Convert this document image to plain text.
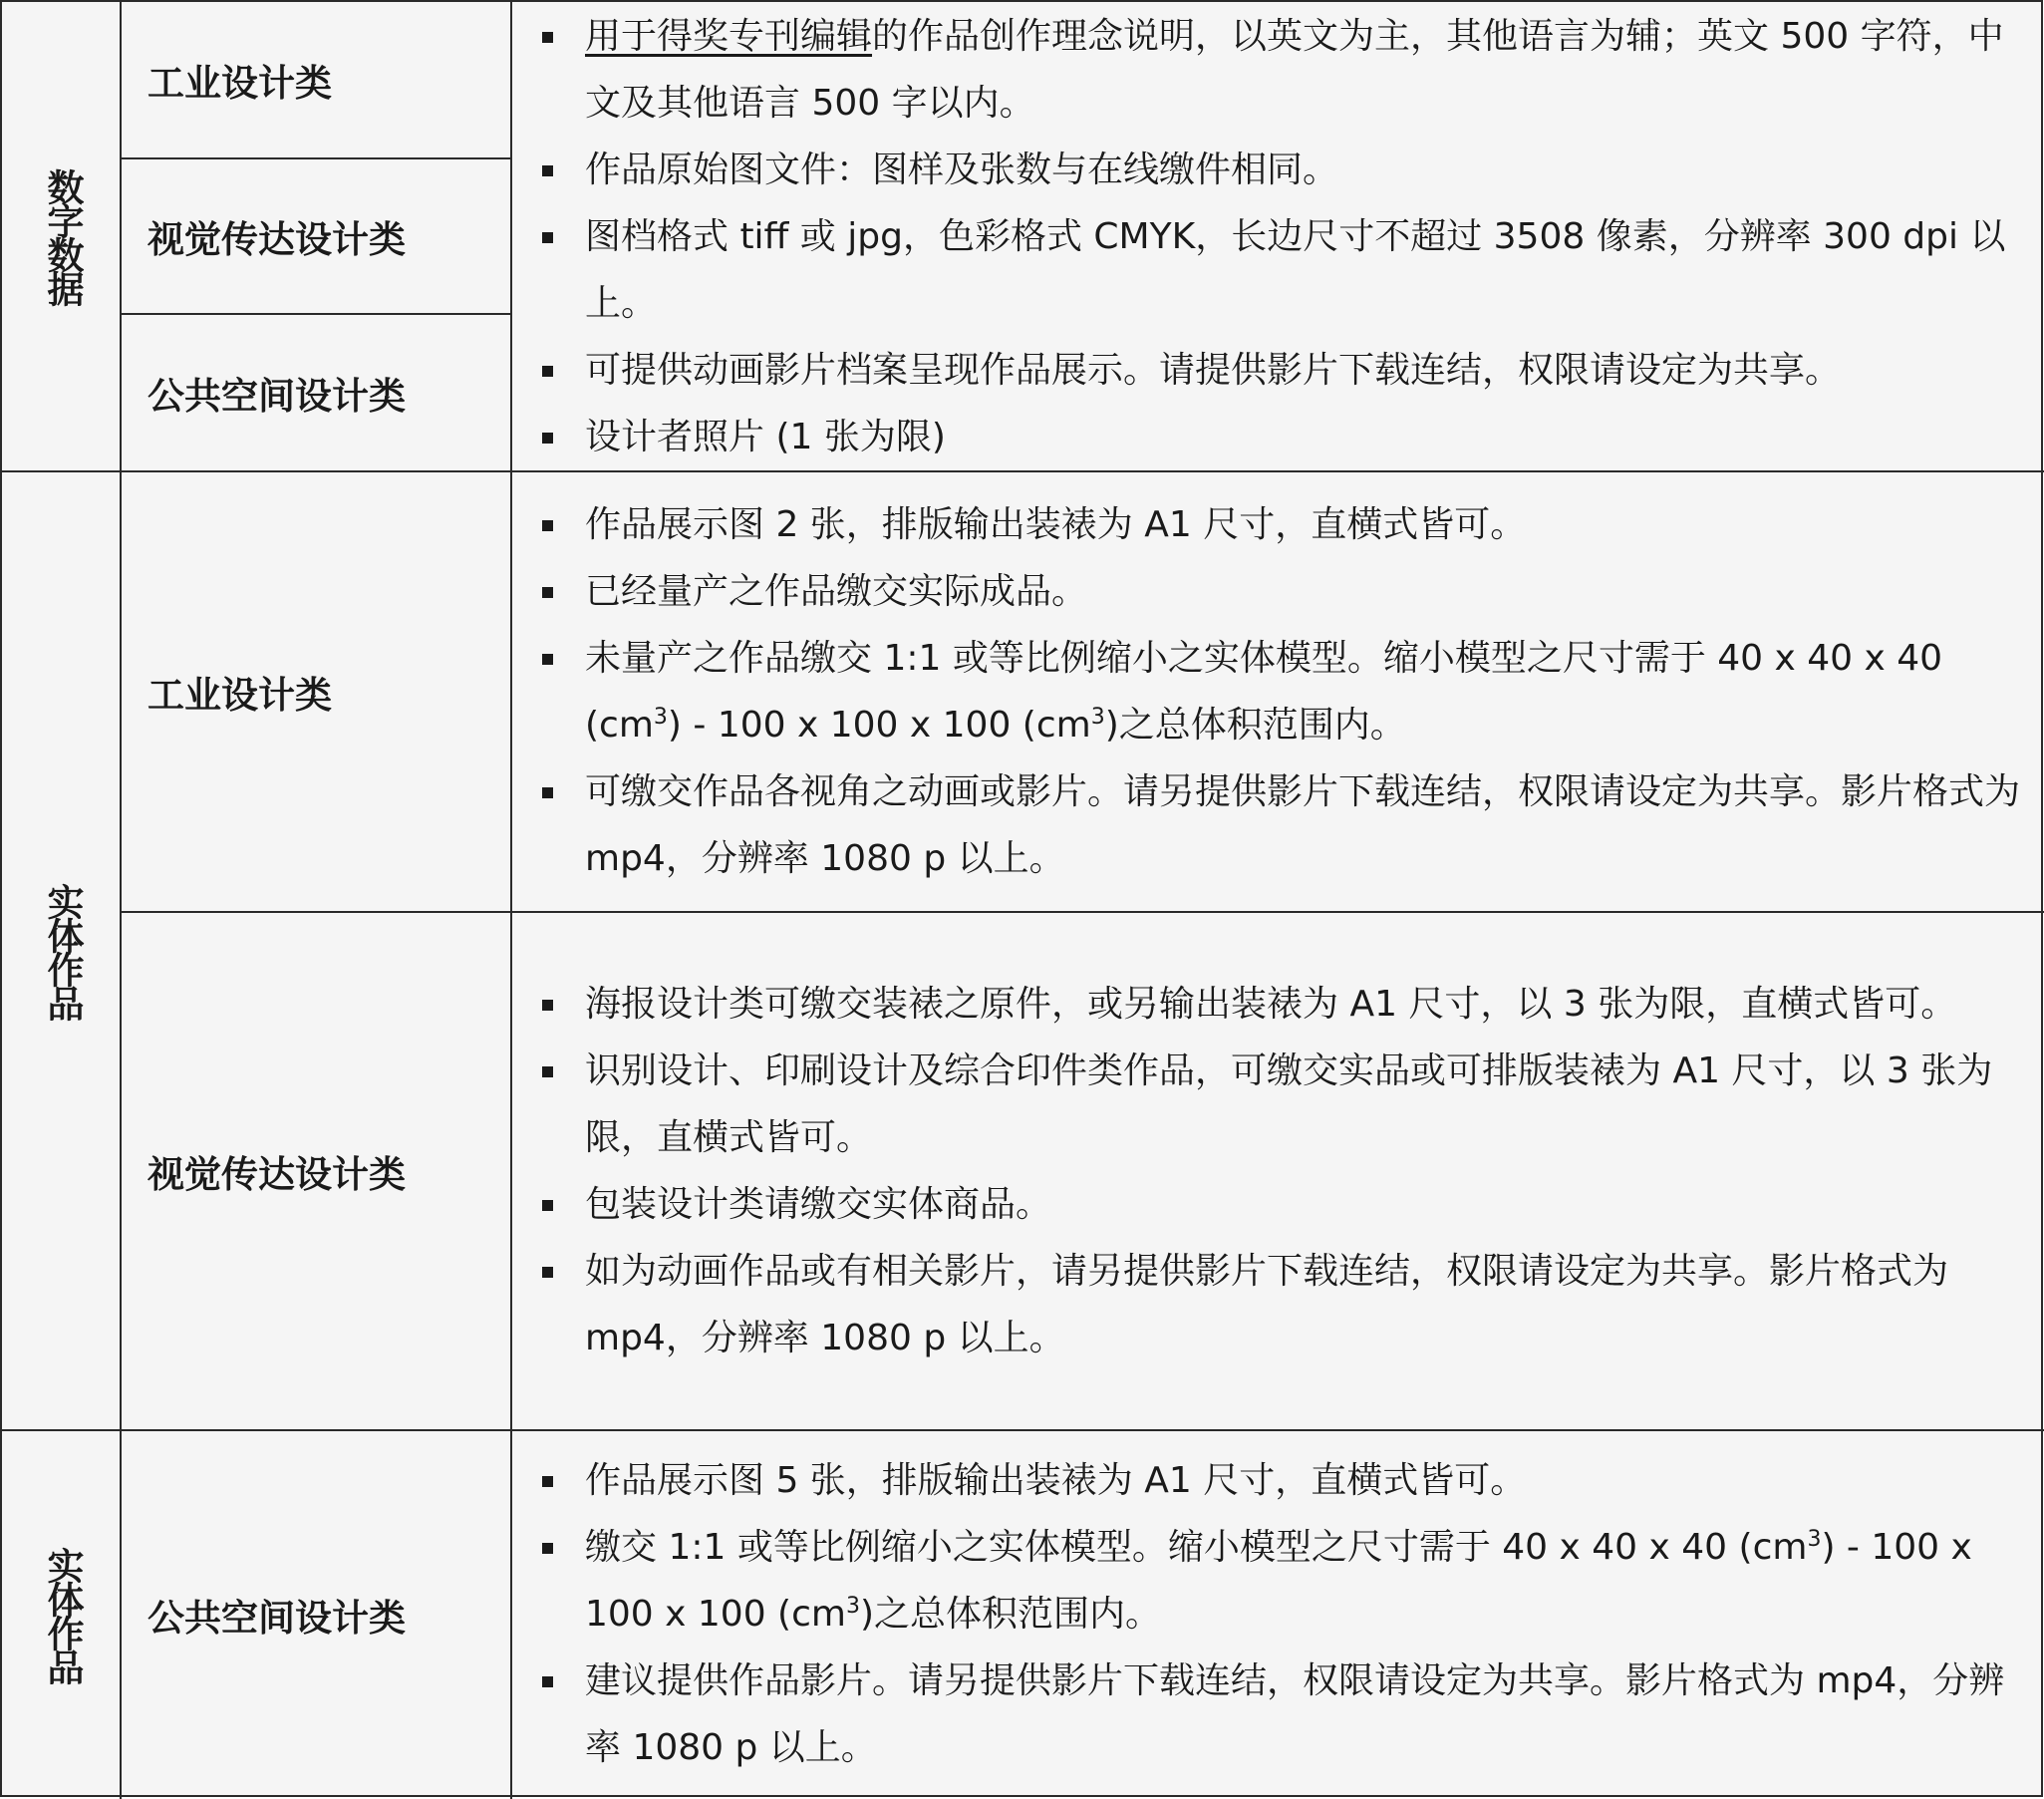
数字数据
工业设计类
视觉传达设计类
公共空间设计类
用于得奖专刊编辑的作品创作理念说明，以英文为主，其他语言为辅；英文 500 字符，中文及其他语言 500 字以内。
作品原始图文件：图样及张数与在线缴件相同。
图档格式 tiff 或 jpg，色彩格式 CMYK，长边尺寸不超过 3508 像素，分辨率 300 dpi 以上。
可提供动画影片档案呈现作品展示。请提供影片下载连结，权限请设定为共享。
设计者照片 (1 张为限)
实体作品
工业设计类
作品展示图 2 张，排版输出装裱为 A1 尺寸，直横式皆可。
已经量产之作品缴交实际成品。
未量产之作品缴交 1:1 或等比例缩小之实体模型。缩小模型之尺寸需于 40 x 40 x 40 $(cm^3) - 100$ x 100 x 100 $(cm^3)$之总体积范围内。
可缴交作品各视角之动画或影片。请另提供影片下载连结，权限请设定为共享。影片格式为 mp4，分辨率 1080 p 以上。
视觉传达设计类
海报设计类可缴交装裱之原件，或另输出装裱为 A1 尺寸，以 3 张为限，直横式皆可。
识别设计、印刷设计及综合印件类作品，可缴交实品或可排版装裱为 A1 尺寸，以 3 张为限，直横式皆可。
包装设计类请缴交实体商品。
如为动画作品或有相关影片，请另提供影片下载连结，权限请设定为共享。影片格式为 mp4，分辨率 1080 p 以上。
实体作品 公共空间设计类
作品展示图 5 张，排版输出装裱为 A1 尺寸，直横式皆可。
缴交 1:1 或等比例缩小之实体模型。缩小模型之尺寸需于 40 x 40 x 40 $(cm^3) - 100$ x 100 x 100 $(cm^3)$之总体积范围内。
建议提供作品影片。请另提供影片下载连结，权限请设定为共享。影片格式为 mp4，分辨率 1080 p 以上。
